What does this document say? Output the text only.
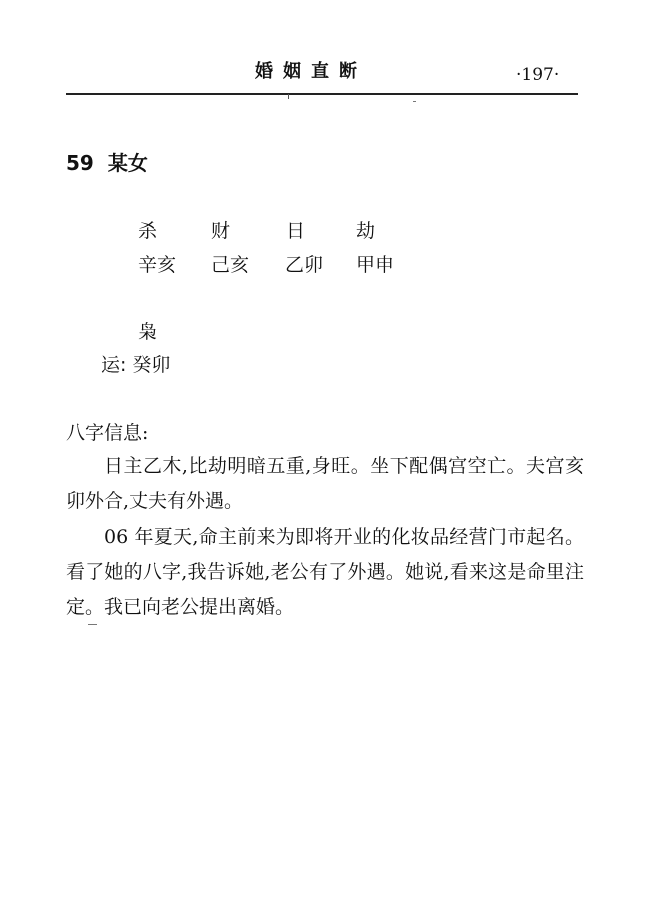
婚姻直断	·197·
59 某女
杀	财	日	劫
辛亥 己亥 乙卯 甲申
枭
运: 癸卯
八字信息:

日主乙木,比劫明暗五重,身旺。坐下配偶宫空亡。夫宫亥卯外合,丈夫有外遇。

06 年夏天,命主前来为即将开业的化妆品经营门市起名。看了她的八字,我告诉她,老公有了外遇。她说,看来这是命里注定。我已向老公提出离婚。
